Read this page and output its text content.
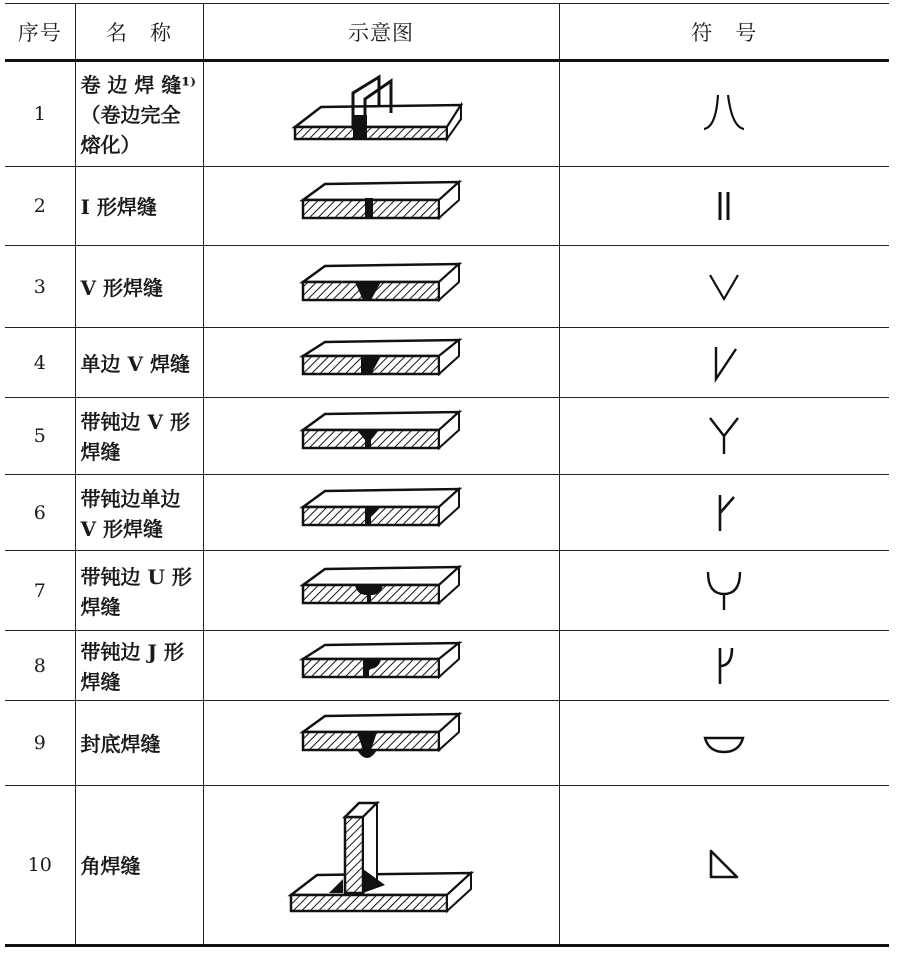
序号	名　称	示意图	符　号
1	卷 边 焊 缝¹⁾（卷边完全熔化）	

2	I 形焊缝	

3	V 形焊缝	

4	单边 V 焊缝	

5	带钝边 V 形焊缝	

6	带钝边单边 V 形焊缝	

7	带钝边 U 形焊缝	

8	带钝边 J 形焊缝	

9	封底焊缝	

10	角焊缝	
